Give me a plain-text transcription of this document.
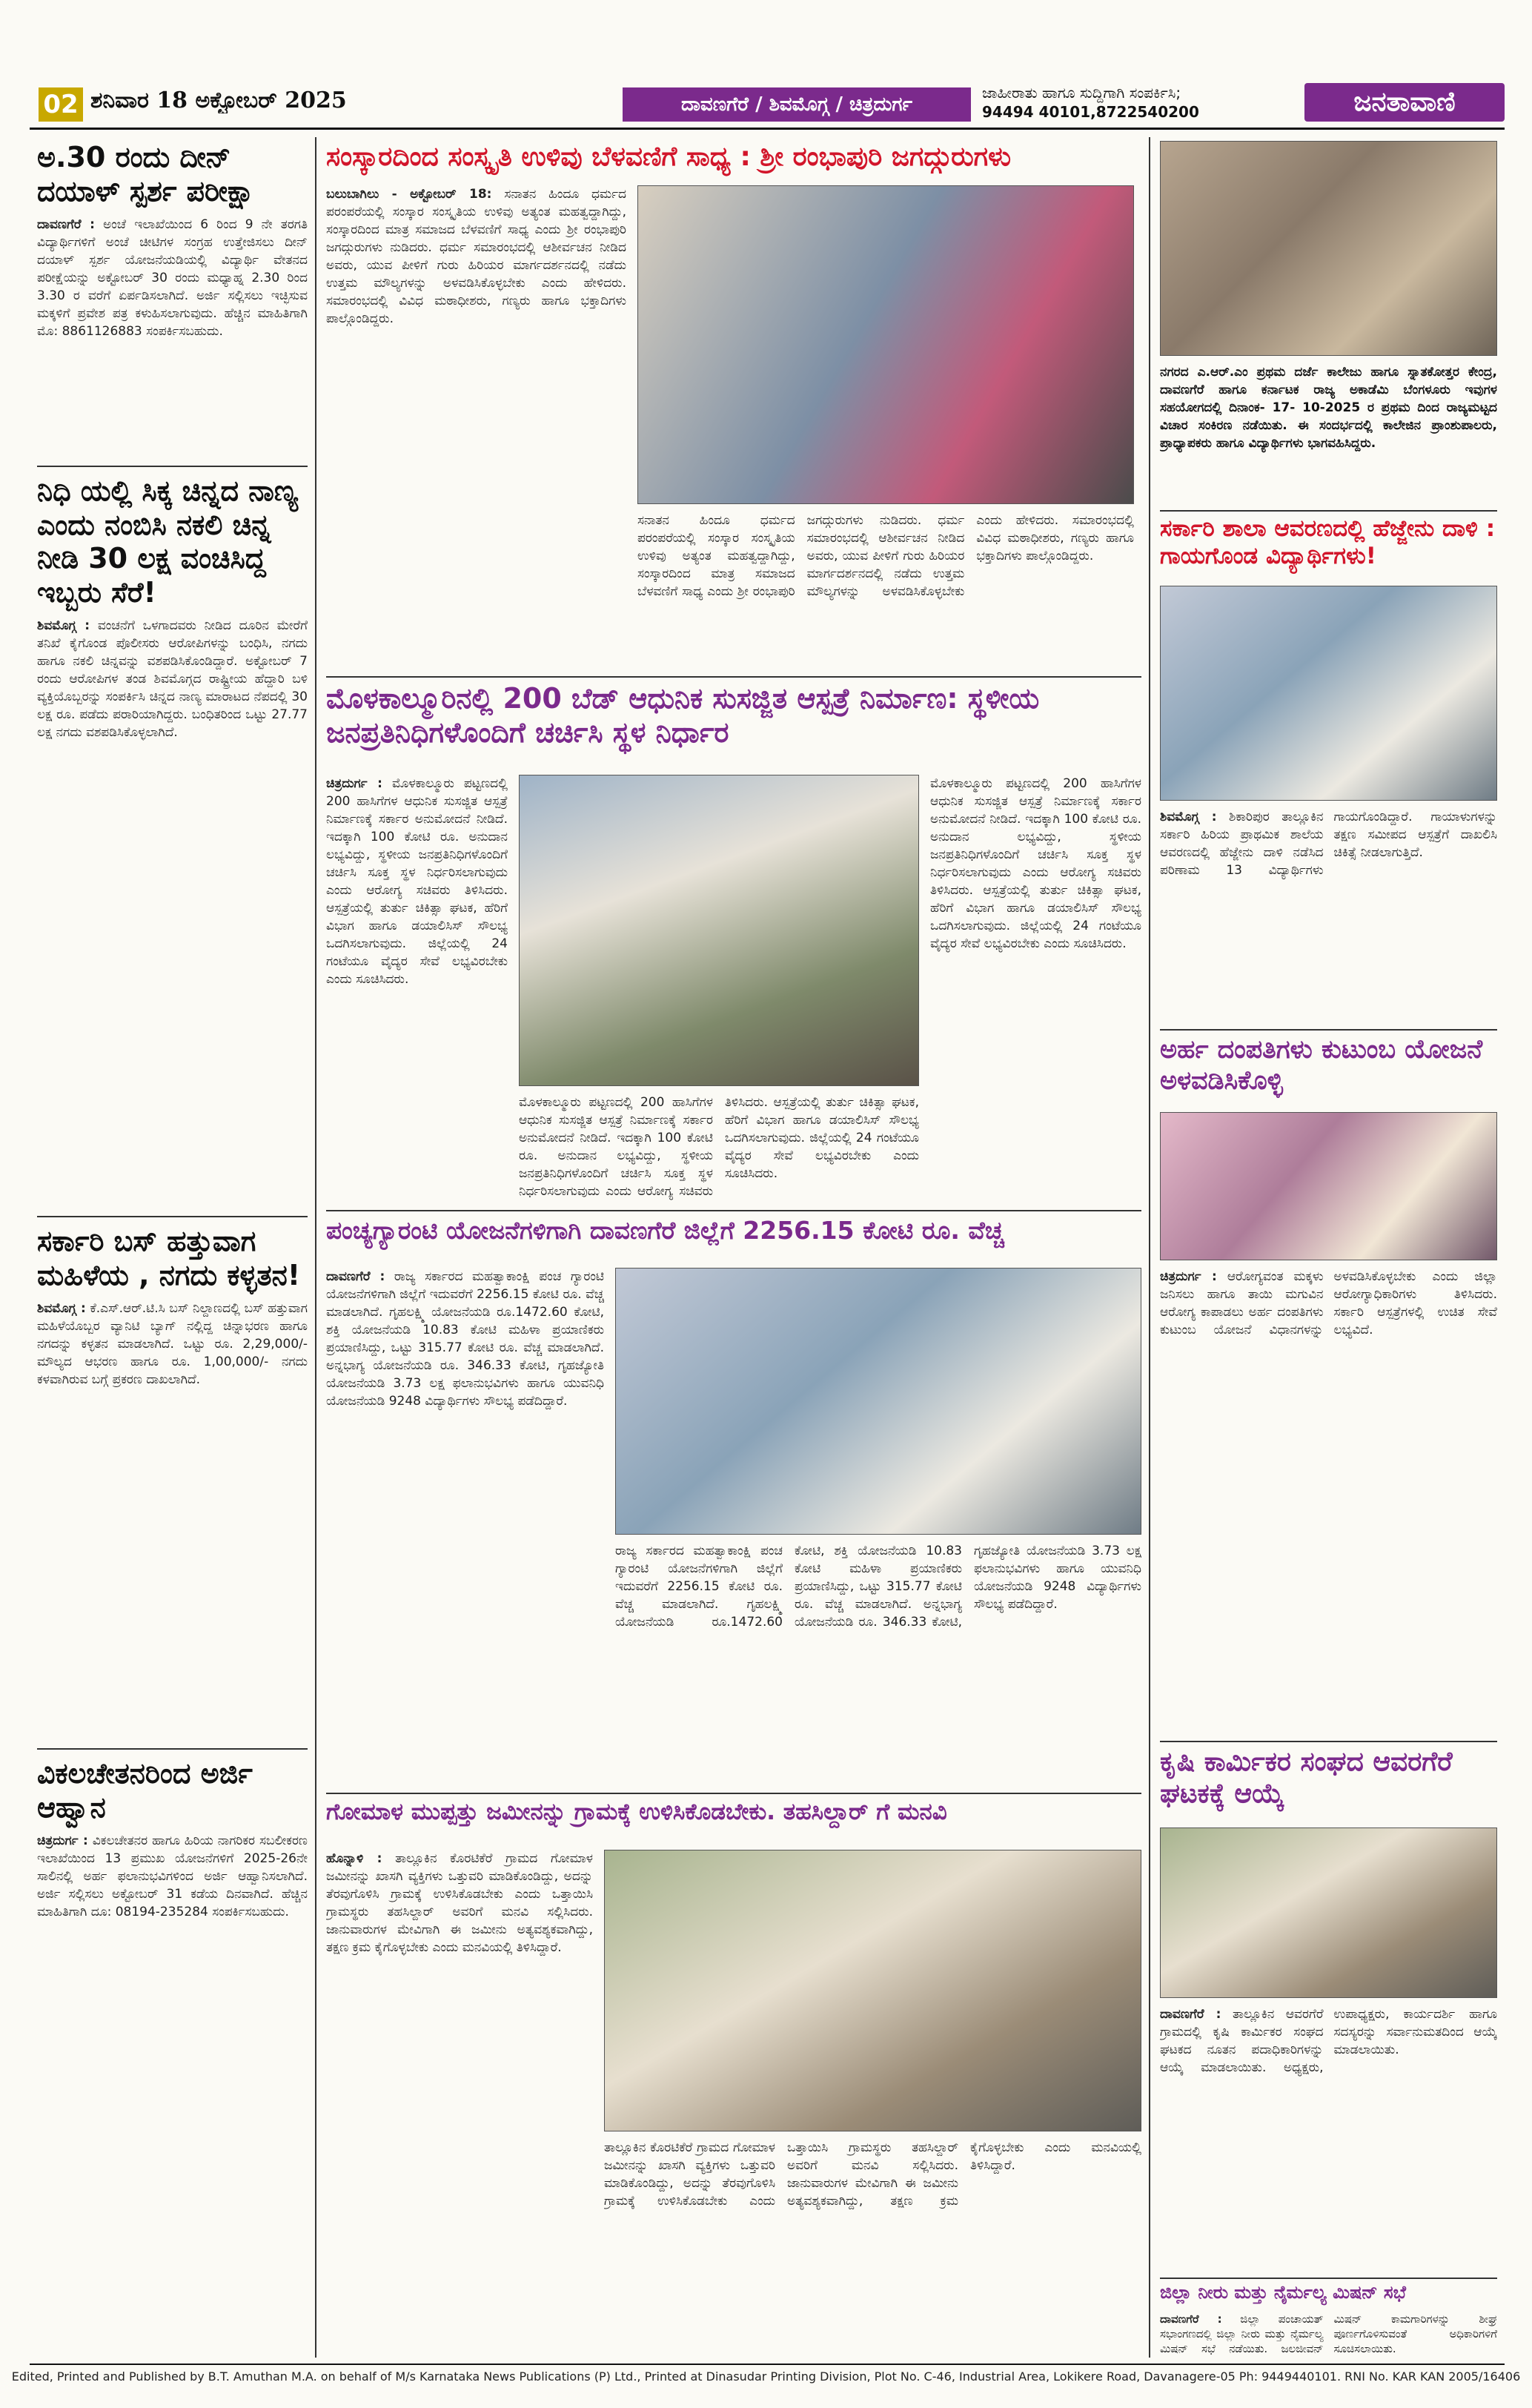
02 ಶನಿವಾರ 18 ಅಕ್ಟೋಬರ್ 2025	ದಾವಣಗೆರೆ / ಶಿವಮೊಗ್ಗ / ಚಿತ್ರದುರ್ಗ
ಜಾಹೀರಾತು ಹಾಗೂ ಸುದ್ದಿಗಾಗಿ ಸಂಪರ್ಕಿಸಿ;
94494 40101,8722540200	ಜನತಾವಾಣಿ
ಅ.30 ರಂದು ದೀನ್ ದಯಾಳ್ ಸ್ಪರ್ಶ ಪರೀಕ್ಷಾ
ದಾವಣಗೆರೆ : ಅಂಚೆ ಇಲಾಖೆಯಿಂದ 6 ರಿಂದ 9 ನೇ ತರಗತಿ ವಿದ್ಯಾರ್ಥಿಗಳಿಗೆ ಅಂಚೆ ಚೀಟಿಗಳ ಸಂಗ್ರಹ ಉತ್ತೇಜಿಸಲು ದೀನ್ ದಯಾಳ್ ಸ್ಪರ್ಶ ಯೋಜನೆಯಡಿಯಲ್ಲಿ ವಿದ್ಯಾರ್ಥಿ ವೇತನದ ಪರೀಕ್ಷೆಯನ್ನು ಅಕ್ಟೋಬರ್ 30 ರಂದು ಮಧ್ಯಾಹ್ನ 2.30 ರಿಂದ 3.30 ರ ವರೆಗೆ ಏರ್ಪಡಿಸಲಾಗಿದೆ. ಅರ್ಜಿ ಸಲ್ಲಿಸಲು ಇಚ್ಛಿಸುವ ಮಕ್ಕಳಿಗೆ ಪ್ರವೇಶ ಪತ್ರ ಕಳುಹಿಸಲಾಗುವುದು. ಹೆಚ್ಚಿನ ಮಾಹಿತಿಗಾಗಿ ಮೊ: 8861126883 ಸಂಪರ್ಕಿಸಬಹುದು.
ನಿಧಿ ಯಲ್ಲಿ ಸಿಕ್ಕ ಚಿನ್ನದ ನಾಣ್ಯ ಎಂದು ನಂಬಿಸಿ ನಕಲಿ ಚಿನ್ನ ನೀಡಿ 30 ಲಕ್ಷ ವಂಚಿಸಿದ್ದ ಇಬ್ಬರು ಸೆರೆ!
ಶಿವಮೊಗ್ಗ : ವಂಚನೆಗೆ ಒಳಗಾದವರು ನೀಡಿದ ದೂರಿನ ಮೇರೆಗೆ ತನಿಖೆ ಕೈಗೊಂಡ ಪೊಲೀಸರು ಆರೋಪಿಗಳನ್ನು ಬಂಧಿಸಿ, ನಗದು ಹಾಗೂ ನಕಲಿ ಚಿನ್ನವನ್ನು ವಶಪಡಿಸಿಕೊಂಡಿದ್ದಾರೆ. ಅಕ್ಟೋಬರ್ 7 ರಂದು ಆರೋಪಿಗಳ ತಂಡ ಶಿವಮೊಗ್ಗದ ರಾಷ್ಟ್ರೀಯ ಹೆದ್ದಾರಿ ಬಳಿ ವ್ಯಕ್ತಿಯೊಬ್ಬರನ್ನು ಸಂಪರ್ಕಿಸಿ ಚಿನ್ನದ ನಾಣ್ಯ ಮಾರಾಟದ ನೆಪದಲ್ಲಿ 30 ಲಕ್ಷ ರೂ. ಪಡೆದು ಪರಾರಿಯಾಗಿದ್ದರು. ಬಂಧಿತರಿಂದ ಒಟ್ಟು 27.77 ಲಕ್ಷ ನಗದು ವಶಪಡಿಸಿಕೊಳ್ಳಲಾಗಿದೆ.
ಸರ್ಕಾರಿ ಬಸ್ ಹತ್ತುವಾಗ ಮಹಿಳೆಯ , ನಗದು ಕಳ್ಳತನ!
ಶಿವಮೊಗ್ಗ : ಕೆ.ಎಸ್.ಆರ್.ಟಿ.ಸಿ ಬಸ್ ನಿಲ್ದಾಣದಲ್ಲಿ ಬಸ್ ಹತ್ತುವಾಗ ಮಹಿಳೆಯೊಬ್ಬರ ವ್ಯಾನಿಟಿ ಬ್ಯಾಗ್ ನಲ್ಲಿದ್ದ ಚಿನ್ನಾಭರಣ ಹಾಗೂ ನಗದನ್ನು ಕಳ್ಳತನ ಮಾಡಲಾಗಿದೆ. ಒಟ್ಟು ರೂ. 2,29,000/- ಮೌಲ್ಯದ ಆಭರಣ ಹಾಗೂ ರೂ. 1,00,000/- ನಗದು ಕಳವಾಗಿರುವ ಬಗ್ಗೆ ಪ್ರಕರಣ ದಾಖಲಾಗಿದೆ.
ವಿಕಲಚೇತನರಿಂದ ಅರ್ಜಿ ಆಹ್ವಾನ
ಚಿತ್ರದುರ್ಗ : ವಿಕಲಚೇತನರ ಹಾಗೂ ಹಿರಿಯ ನಾಗರಿಕರ ಸಬಲೀಕರಣ ಇಲಾಖೆಯಿಂದ 13 ಪ್ರಮುಖ ಯೋಜನೆಗಳಿಗೆ 2025-26ನೇ ಸಾಲಿನಲ್ಲಿ ಅರ್ಹ ಫಲಾನುಭವಿಗಳಿಂದ ಅರ್ಜಿ ಆಹ್ವಾನಿಸಲಾಗಿದೆ. ಅರ್ಜಿ ಸಲ್ಲಿಸಲು ಅಕ್ಟೋಬರ್ 31 ಕಡೆಯ ದಿನವಾಗಿದೆ. ಹೆಚ್ಚಿನ ಮಾಹಿತಿಗಾಗಿ ದೂ: 08194-235284 ಸಂಪರ್ಕಿಸಬಹುದು.
ಸಂಸ್ಕಾರದಿಂದ ಸಂಸ್ಕೃತಿ ಉಳಿವು ಬೆಳವಣಿಗೆ ಸಾಧ್ಯ : ಶ್ರೀ ರಂಭಾಪುರಿ ಜಗದ್ಗುರುಗಳು
ಬಲುಬಾಗಿಲು - ಅಕ್ಟೋಬರ್ 18: ಸನಾತನ ಹಿಂದೂ ಧರ್ಮದ ಪರಂಪರೆಯಲ್ಲಿ ಸಂಸ್ಕಾರ ಸಂಸ್ಕೃತಿಯ ಉಳಿವು ಅತ್ಯಂತ ಮಹತ್ವದ್ದಾಗಿದ್ದು, ಸಂಸ್ಕಾರದಿಂದ ಮಾತ್ರ ಸಮಾಜದ ಬೆಳವಣಿಗೆ ಸಾಧ್ಯ ಎಂದು ಶ್ರೀ ರಂಭಾಪುರಿ ಜಗದ್ಗುರುಗಳು ನುಡಿದರು. ಧರ್ಮ ಸಮಾರಂಭದಲ್ಲಿ ಆಶೀರ್ವಚನ ನೀಡಿದ ಅವರು, ಯುವ ಪೀಳಿಗೆ ಗುರು ಹಿರಿಯರ ಮಾರ್ಗದರ್ಶನದಲ್ಲಿ ನಡೆದು ಉತ್ತಮ ಮೌಲ್ಯಗಳನ್ನು ಅಳವಡಿಸಿಕೊಳ್ಳಬೇಕು ಎಂದು ಹೇಳಿದರು. ಸಮಾರಂಭದಲ್ಲಿ ವಿವಿಧ ಮಠಾಧೀಶರು, ಗಣ್ಯರು ಹಾಗೂ ಭಕ್ತಾದಿಗಳು ಪಾಲ್ಗೊಂಡಿದ್ದರು.
ಸನಾತನ ಹಿಂದೂ ಧರ್ಮದ ಪರಂಪರೆಯಲ್ಲಿ ಸಂಸ್ಕಾರ ಸಂಸ್ಕೃತಿಯ ಉಳಿವು ಅತ್ಯಂತ ಮಹತ್ವದ್ದಾಗಿದ್ದು, ಸಂಸ್ಕಾರದಿಂದ ಮಾತ್ರ ಸಮಾಜದ ಬೆಳವಣಿಗೆ ಸಾಧ್ಯ ಎಂದು ಶ್ರೀ ರಂಭಾಪುರಿ ಜಗದ್ಗುರುಗಳು ನುಡಿದರು. ಧರ್ಮ ಸಮಾರಂಭದಲ್ಲಿ ಆಶೀರ್ವಚನ ನೀಡಿದ ಅವರು, ಯುವ ಪೀಳಿಗೆ ಗುರು ಹಿರಿಯರ ಮಾರ್ಗದರ್ಶನದಲ್ಲಿ ನಡೆದು ಉತ್ತಮ ಮೌಲ್ಯಗಳನ್ನು ಅಳವಡಿಸಿಕೊಳ್ಳಬೇಕು ಎಂದು ಹೇಳಿದರು. ಸಮಾರಂಭದಲ್ಲಿ ವಿವಿಧ ಮಠಾಧೀಶರು, ಗಣ್ಯರು ಹಾಗೂ ಭಕ್ತಾದಿಗಳು ಪಾಲ್ಗೊಂಡಿದ್ದರು.
ಮೊಳಕಾಲ್ಮೂರಿನಲ್ಲಿ 200 ಬೆಡ್ ಆಧುನಿಕ ಸುಸಜ್ಜಿತ ಆಸ್ಪತ್ರೆ ನಿರ್ಮಾಣ: ಸ್ಥಳೀಯ ಜನಪ್ರತಿನಿಧಿಗಳೊಂದಿಗೆ ಚರ್ಚಿಸಿ ಸ್ಥಳ ನಿರ್ಧಾರ
ಚಿತ್ರದುರ್ಗ : ಮೊಳಕಾಲ್ಮೂರು ಪಟ್ಟಣದಲ್ಲಿ 200 ಹಾಸಿಗೆಗಳ ಆಧುನಿಕ ಸುಸಜ್ಜಿತ ಆಸ್ಪತ್ರೆ ನಿರ್ಮಾಣಕ್ಕೆ ಸರ್ಕಾರ ಅನುಮೋದನೆ ನೀಡಿದೆ. ಇದಕ್ಕಾಗಿ 100 ಕೋಟಿ ರೂ. ಅನುದಾನ ಲಭ್ಯವಿದ್ದು, ಸ್ಥಳೀಯ ಜನಪ್ರತಿನಿಧಿಗಳೊಂದಿಗೆ ಚರ್ಚಿಸಿ ಸೂಕ್ತ ಸ್ಥಳ ನಿರ್ಧರಿಸಲಾಗುವುದು ಎಂದು ಆರೋಗ್ಯ ಸಚಿವರು ತಿಳಿಸಿದರು. ಆಸ್ಪತ್ರೆಯಲ್ಲಿ ತುರ್ತು ಚಿಕಿತ್ಸಾ ಘಟಕ, ಹೆರಿಗೆ ವಿಭಾಗ ಹಾಗೂ ಡಯಾಲಿಸಿಸ್ ಸೌಲಭ್ಯ ಒದಗಿಸಲಾಗುವುದು. ಜಿಲ್ಲೆಯಲ್ಲಿ 24 ಗಂಟೆಯೂ ವೈದ್ಯರ ಸೇವೆ ಲಭ್ಯವಿರಬೇಕು ಎಂದು ಸೂಚಿಸಿದರು.
ಮೊಳಕಾಲ್ಮೂರು ಪಟ್ಟಣದಲ್ಲಿ 200 ಹಾಸಿಗೆಗಳ ಆಧುನಿಕ ಸುಸಜ್ಜಿತ ಆಸ್ಪತ್ರೆ ನಿರ್ಮಾಣಕ್ಕೆ ಸರ್ಕಾರ ಅನುಮೋದನೆ ನೀಡಿದೆ. ಇದಕ್ಕಾಗಿ 100 ಕೋಟಿ ರೂ. ಅನುದಾನ ಲಭ್ಯವಿದ್ದು, ಸ್ಥಳೀಯ ಜನಪ್ರತಿನಿಧಿಗಳೊಂದಿಗೆ ಚರ್ಚಿಸಿ ಸೂಕ್ತ ಸ್ಥಳ ನಿರ್ಧರಿಸಲಾಗುವುದು ಎಂದು ಆರೋಗ್ಯ ಸಚಿವರು ತಿಳಿಸಿದರು. ಆಸ್ಪತ್ರೆಯಲ್ಲಿ ತುರ್ತು ಚಿಕಿತ್ಸಾ ಘಟಕ, ಹೆರಿಗೆ ವಿಭಾಗ ಹಾಗೂ ಡಯಾಲಿಸಿಸ್ ಸೌಲಭ್ಯ ಒದಗಿಸಲಾಗುವುದು. ಜಿಲ್ಲೆಯಲ್ಲಿ 24 ಗಂಟೆಯೂ ವೈದ್ಯರ ಸೇವೆ ಲಭ್ಯವಿರಬೇಕು ಎಂದು ಸೂಚಿಸಿದರು.
ಮೊಳಕಾಲ್ಮೂರು ಪಟ್ಟಣದಲ್ಲಿ 200 ಹಾಸಿಗೆಗಳ ಆಧುನಿಕ ಸುಸಜ್ಜಿತ ಆಸ್ಪತ್ರೆ ನಿರ್ಮಾಣಕ್ಕೆ ಸರ್ಕಾರ ಅನುಮೋದನೆ ನೀಡಿದೆ. ಇದಕ್ಕಾಗಿ 100 ಕೋಟಿ ರೂ. ಅನುದಾನ ಲಭ್ಯವಿದ್ದು, ಸ್ಥಳೀಯ ಜನಪ್ರತಿನಿಧಿಗಳೊಂದಿಗೆ ಚರ್ಚಿಸಿ ಸೂಕ್ತ ಸ್ಥಳ ನಿರ್ಧರಿಸಲಾಗುವುದು ಎಂದು ಆರೋಗ್ಯ ಸಚಿವರು ತಿಳಿಸಿದರು. ಆಸ್ಪತ್ರೆಯಲ್ಲಿ ತುರ್ತು ಚಿಕಿತ್ಸಾ ಘಟಕ, ಹೆರಿಗೆ ವಿಭಾಗ ಹಾಗೂ ಡಯಾಲಿಸಿಸ್ ಸೌಲಭ್ಯ ಒದಗಿಸಲಾಗುವುದು. ಜಿಲ್ಲೆಯಲ್ಲಿ 24 ಗಂಟೆಯೂ ವೈದ್ಯರ ಸೇವೆ ಲಭ್ಯವಿರಬೇಕು ಎಂದು ಸೂಚಿಸಿದರು.
ಪಂಚ್ಯಗ್ಯಾರಂಟಿ ಯೋಜನೆಗಳಿಗಾಗಿ ದಾವಣಗೆರೆ ಜಿಲ್ಲೆಗೆ 2256.15 ಕೋಟಿ ರೂ. ವೆಚ್ಚ
ದಾವಣಗೆರೆ : ರಾಜ್ಯ ಸರ್ಕಾರದ ಮಹತ್ವಾಕಾಂಕ್ಷಿ ಪಂಚ ಗ್ಯಾರಂಟಿ ಯೋಜನೆಗಳಿಗಾಗಿ ಜಿಲ್ಲೆಗೆ ಇದುವರೆಗೆ 2256.15 ಕೋಟಿ ರೂ. ವೆಚ್ಚ ಮಾಡಲಾಗಿದೆ. ಗೃಹಲಕ್ಷ್ಮಿ ಯೋಜನೆಯಡಿ ರೂ.1472.60 ಕೋಟಿ, ಶಕ್ತಿ ಯೋಜನೆಯಡಿ 10.83 ಕೋಟಿ ಮಹಿಳಾ ಪ್ರಯಾಣಿಕರು ಪ್ರಯಾಣಿಸಿದ್ದು, ಒಟ್ಟು 315.77 ಕೋಟಿ ರೂ. ವೆಚ್ಚ ಮಾಡಲಾಗಿದೆ. ಅನ್ನಭಾಗ್ಯ ಯೋಜನೆಯಡಿ ರೂ. 346.33 ಕೋಟಿ, ಗೃಹಜ್ಯೋತಿ ಯೋಜನೆಯಡಿ 3.73 ಲಕ್ಷ ಫಲಾನುಭವಿಗಳು ಹಾಗೂ ಯುವನಿಧಿ ಯೋಜನೆಯಡಿ 9248 ವಿದ್ಯಾರ್ಥಿಗಳು ಸೌಲಭ್ಯ ಪಡೆದಿದ್ದಾರೆ.
ರಾಜ್ಯ ಸರ್ಕಾರದ ಮಹತ್ವಾಕಾಂಕ್ಷಿ ಪಂಚ ಗ್ಯಾರಂಟಿ ಯೋಜನೆಗಳಿಗಾಗಿ ಜಿಲ್ಲೆಗೆ ಇದುವರೆಗೆ 2256.15 ಕೋಟಿ ರೂ. ವೆಚ್ಚ ಮಾಡಲಾಗಿದೆ. ಗೃಹಲಕ್ಷ್ಮಿ ಯೋಜನೆಯಡಿ ರೂ.1472.60 ಕೋಟಿ, ಶಕ್ತಿ ಯೋಜನೆಯಡಿ 10.83 ಕೋಟಿ ಮಹಿಳಾ ಪ್ರಯಾಣಿಕರು ಪ್ರಯಾಣಿಸಿದ್ದು, ಒಟ್ಟು 315.77 ಕೋಟಿ ರೂ. ವೆಚ್ಚ ಮಾಡಲಾಗಿದೆ. ಅನ್ನಭಾಗ್ಯ ಯೋಜನೆಯಡಿ ರೂ. 346.33 ಕೋಟಿ, ಗೃಹಜ್ಯೋತಿ ಯೋಜನೆಯಡಿ 3.73 ಲಕ್ಷ ಫಲಾನುಭವಿಗಳು ಹಾಗೂ ಯುವನಿಧಿ ಯೋಜನೆಯಡಿ 9248 ವಿದ್ಯಾರ್ಥಿಗಳು ಸೌಲಭ್ಯ ಪಡೆದಿದ್ದಾರೆ.
ಗೋಮಾಳ ಮುಪ್ಪತ್ತು ಜಮೀನನ್ನು ಗ್ರಾಮಕ್ಕೆ ಉಳಿಸಿಕೊಡಬೇಕು. ತಹಸಿಲ್ದಾರ್ ಗೆ ಮನವಿ
ಹೊನ್ನಾಳಿ : ತಾಲ್ಲೂಕಿನ ಕೊರಟಿಕೆರೆ ಗ್ರಾಮದ ಗೋಮಾಳ ಜಮೀನನ್ನು ಖಾಸಗಿ ವ್ಯಕ್ತಿಗಳು ಒತ್ತುವರಿ ಮಾಡಿಕೊಂಡಿದ್ದು, ಅದನ್ನು ತೆರವುಗೊಳಿಸಿ ಗ್ರಾಮಕ್ಕೆ ಉಳಿಸಿಕೊಡಬೇಕು ಎಂದು ಒತ್ತಾಯಿಸಿ ಗ್ರಾಮಸ್ಥರು ತಹಸಿಲ್ದಾರ್ ಅವರಿಗೆ ಮನವಿ ಸಲ್ಲಿಸಿದರು. ಜಾನುವಾರುಗಳ ಮೇವಿಗಾಗಿ ಈ ಜಮೀನು ಅತ್ಯವಶ್ಯಕವಾಗಿದ್ದು, ತಕ್ಷಣ ಕ್ರಮ ಕೈಗೊಳ್ಳಬೇಕು ಎಂದು ಮನವಿಯಲ್ಲಿ ತಿಳಿಸಿದ್ದಾರೆ.
ತಾಲ್ಲೂಕಿನ ಕೊರಟಿಕೆರೆ ಗ್ರಾಮದ ಗೋಮಾಳ ಜಮೀನನ್ನು ಖಾಸಗಿ ವ್ಯಕ್ತಿಗಳು ಒತ್ತುವರಿ ಮಾಡಿಕೊಂಡಿದ್ದು, ಅದನ್ನು ತೆರವುಗೊಳಿಸಿ ಗ್ರಾಮಕ್ಕೆ ಉಳಿಸಿಕೊಡಬೇಕು ಎಂದು ಒತ್ತಾಯಿಸಿ ಗ್ರಾಮಸ್ಥರು ತಹಸಿಲ್ದಾರ್ ಅವರಿಗೆ ಮನವಿ ಸಲ್ಲಿಸಿದರು. ಜಾನುವಾರುಗಳ ಮೇವಿಗಾಗಿ ಈ ಜಮೀನು ಅತ್ಯವಶ್ಯಕವಾಗಿದ್ದು, ತಕ್ಷಣ ಕ್ರಮ ಕೈಗೊಳ್ಳಬೇಕು ಎಂದು ಮನವಿಯಲ್ಲಿ ತಿಳಿಸಿದ್ದಾರೆ.
ನಗರದ ಎ.ಆರ್.ಎಂ ಪ್ರಥಮ ದರ್ಜೆ ಕಾಲೇಜು ಹಾಗೂ ಸ್ನಾತಕೋತ್ತರ ಕೇಂದ್ರ, ದಾವಣಗೆರೆ ಹಾಗೂ ಕರ್ನಾಟಕ ರಾಜ್ಯ ಅಕಾಡೆಮಿ ಬೆಂಗಳೂರು ಇವುಗಳ ಸಹಯೋಗದಲ್ಲಿ ದಿನಾಂಕ- 17- 10-2025 ರ ಪ್ರಥಮ ದಿಂದ ರಾಜ್ಯಮಟ್ಟದ ವಿಚಾರ ಸಂಕಿರಣ ನಡೆಯಿತು. ಈ ಸಂದರ್ಭದಲ್ಲಿ ಕಾಲೇಜಿನ ಪ್ರಾಂಶುಪಾಲರು, ಪ್ರಾಧ್ಯಾಪಕರು ಹಾಗೂ ವಿದ್ಯಾರ್ಥಿಗಳು ಭಾಗವಹಿಸಿದ್ದರು.
ಸರ್ಕಾರಿ ಶಾಲಾ ಆವರಣದಲ್ಲಿ ಹೆಜ್ಜೇನು ದಾಳಿ : ಗಾಯಗೊಂಡ ವಿದ್ಯಾರ್ಥಿಗಳು!
ಶಿವಮೊಗ್ಗ : ಶಿಕಾರಿಪುರ ತಾಲ್ಲೂಕಿನ ಸರ್ಕಾರಿ ಹಿರಿಯ ಪ್ರಾಥಮಿಕ ಶಾಲೆಯ ಆವರಣದಲ್ಲಿ ಹೆಜ್ಜೇನು ದಾಳಿ ನಡೆಸಿದ ಪರಿಣಾಮ 13 ವಿದ್ಯಾರ್ಥಿಗಳು ಗಾಯಗೊಂಡಿದ್ದಾರೆ. ಗಾಯಾಳುಗಳನ್ನು ತಕ್ಷಣ ಸಮೀಪದ ಆಸ್ಪತ್ರೆಗೆ ದಾಖಲಿಸಿ ಚಿಕಿತ್ಸೆ ನೀಡಲಾಗುತ್ತಿದೆ.
ಅರ್ಹ ದಂಪತಿಗಳು ಕುಟುಂಬ ಯೋಜನೆ ಅಳವಡಿಸಿಕೊಳ್ಳಿ
ಚಿತ್ರದುರ್ಗ : ಆರೋಗ್ಯವಂತ ಮಕ್ಕಳು ಜನಿಸಲು ಹಾಗೂ ತಾಯಿ ಮಗುವಿನ ಆರೋಗ್ಯ ಕಾಪಾಡಲು ಅರ್ಹ ದಂಪತಿಗಳು ಕುಟುಂಬ ಯೋಜನೆ ವಿಧಾನಗಳನ್ನು ಅಳವಡಿಸಿಕೊಳ್ಳಬೇಕು ಎಂದು ಜಿಲ್ಲಾ ಆರೋಗ್ಯಾಧಿಕಾರಿಗಳು ತಿಳಿಸಿದರು. ಸರ್ಕಾರಿ ಆಸ್ಪತ್ರೆಗಳಲ್ಲಿ ಉಚಿತ ಸೇವೆ ಲಭ್ಯವಿದೆ.
ಕೃಷಿ ಕಾರ್ಮಿಕರ ಸಂಘದ ಆವರಗೆರೆ ಘಟಕಕ್ಕೆ ಆಯ್ಕೆ
ದಾವಣಗೆರೆ : ತಾಲ್ಲೂಕಿನ ಆವರಗೆರೆ ಗ್ರಾಮದಲ್ಲಿ ಕೃಷಿ ಕಾರ್ಮಿಕರ ಸಂಘದ ಘಟಕದ ನೂತನ ಪದಾಧಿಕಾರಿಗಳನ್ನು ಆಯ್ಕೆ ಮಾಡಲಾಯಿತು. ಅಧ್ಯಕ್ಷರು, ಉಪಾಧ್ಯಕ್ಷರು, ಕಾರ್ಯದರ್ಶಿ ಹಾಗೂ ಸದಸ್ಯರನ್ನು ಸರ್ವಾನುಮತದಿಂದ ಆಯ್ಕೆ ಮಾಡಲಾಯಿತು.
ಜಿಲ್ಲಾ ನೀರು ಮತ್ತು ನೈರ್ಮಲ್ಯ ಮಿಷನ್ ಸಭೆ
ದಾವಣಗೆರೆ : ಜಿಲ್ಲಾ ಪಂಚಾಯತ್ ಸಭಾಂಗಣದಲ್ಲಿ ಜಿಲ್ಲಾ ನೀರು ಮತ್ತು ನೈರ್ಮಲ್ಯ ಮಿಷನ್ ಸಭೆ ನಡೆಯಿತು. ಜಲಜೀವನ್ ಮಿಷನ್ ಕಾಮಗಾರಿಗಳನ್ನು ಶೀಘ್ರ ಪೂರ್ಣಗೊಳಿಸುವಂತೆ ಅಧಿಕಾರಿಗಳಿಗೆ ಸೂಚಿಸಲಾಯಿತು.
Edited, Printed and Published by B.T. Amuthan M.A. on behalf of M/s Karnataka News Publications (P) Ltd., Printed at Dinasudar Printing Division, Plot No. C-46, Industrial Area, Lokikere Road, Davanagere-05 Ph: 9449440101. RNI No. KAR KAN 2005/16406
